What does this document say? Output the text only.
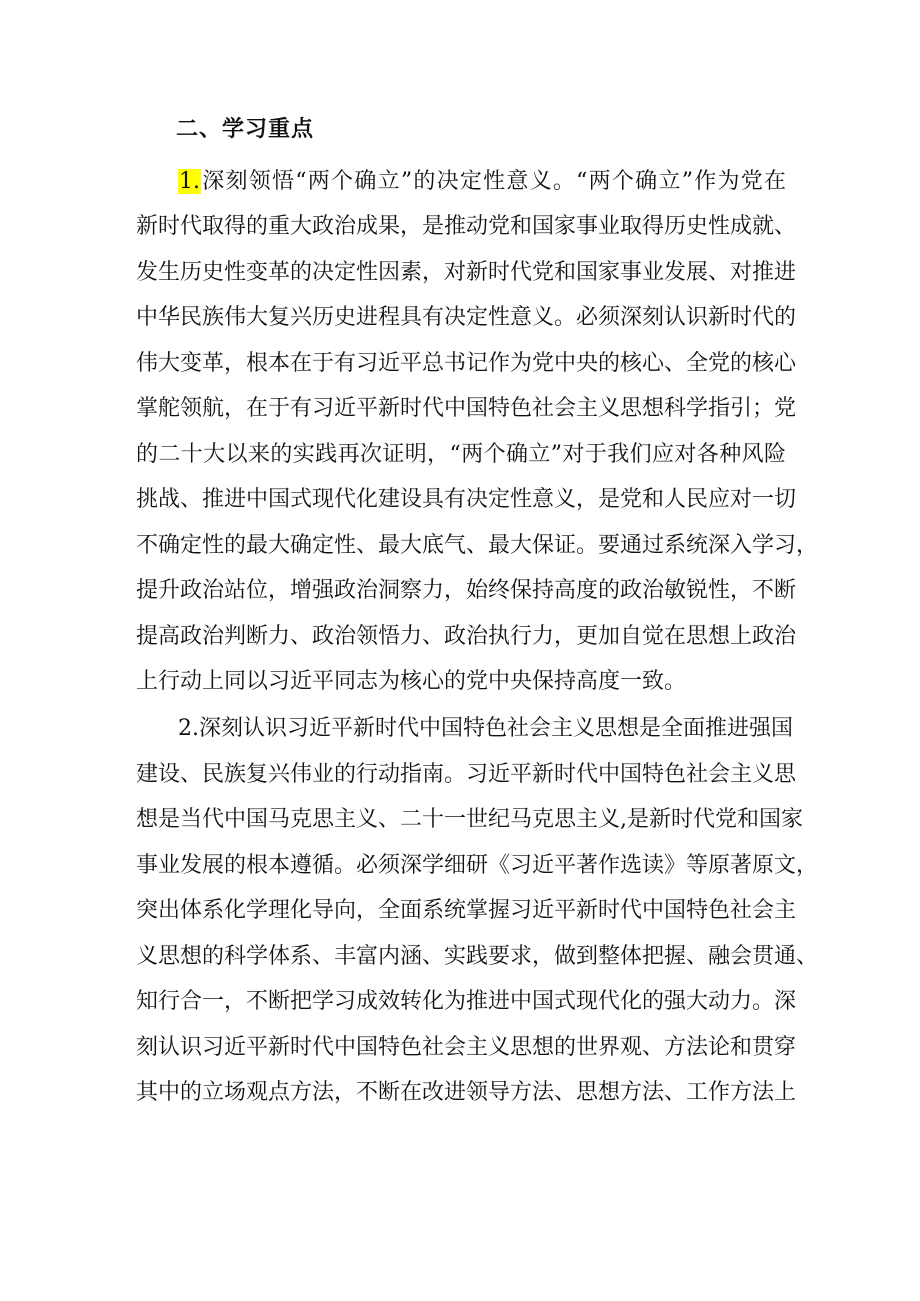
二、学习重点
1.深刻领悟“两个确立”的决定性意义。“两个确立”作为党在
新时代取得的重大政治成果，是推动党和国家事业取得历史性成就、
发生历史性变革的决定性因素，对新时代党和国家事业发展、对推进
中华民族伟大复兴历史进程具有决定性意义。必须深刻认识新时代的
伟大变革，根本在于有习近平总书记作为党中央的核心、全党的核心
掌舵领航，在于有习近平新时代中国特色社会主义思想科学指引；党
的二十大以来的实践再次证明，“两个确立”对于我们应对各种风险
挑战、推进中国式现代化建设具有决定性意义，是党和人民应对一切
不确定性的最大确定性、最大底气、最大保证。要通过系统深入学习，
提升政治站位，增强政治洞察力，始终保持高度的政治敏锐性，不断
提高政治判断力、政治领悟力、政治执行力，更加自觉在思想上政治
上行动上同以习近平同志为核心的党中央保持高度一致。
2.深刻认识习近平新时代中国特色社会主义思想是全面推进强国
建设、民族复兴伟业的行动指南。习近平新时代中国特色社会主义思
想是当代中国马克思主义、二十一世纪马克思主义,是新时代党和国家
事业发展的根本遵循。必须深学细研《习近平著作选读》等原著原文，
突出体系化学理化导向，全面系统掌握习近平新时代中国特色社会主
义思想的科学体系、丰富内涵、实践要求，做到整体把握、融会贯通、
知行合一，不断把学习成效转化为推进中国式现代化的强大动力。深
刻认识习近平新时代中国特色社会主义思想的世界观、方法论和贯穿
其中的立场观点方法，不断在改进领导方法、思想方法、工作方法上
